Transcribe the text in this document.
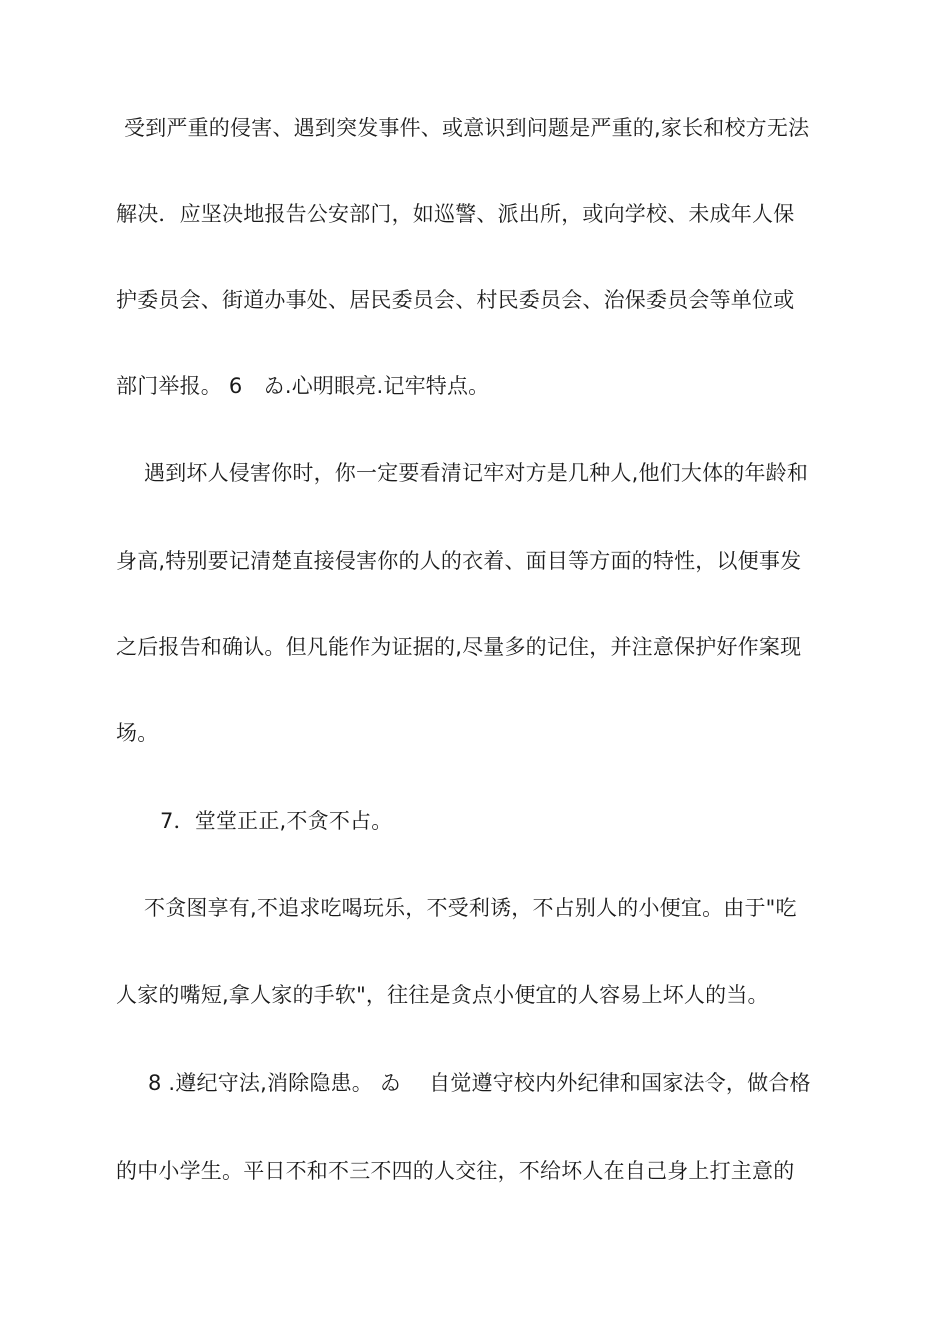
受到严重的侵害、遇到突发事件、或意识到问题是严重的,家长和校方无法
解决．应坚决地报告公安部门，如巡警、派出所，或向学校、未成年人保
护委员会、街道办事处、居民委员会、村民委员会、治保委员会等单位或
部门举报。 6　ゐ.心明眼亮.记牢特点。
遇到坏人侵害你时，你一定要看清记牢对方是几种人,他们大体的年龄和
身高,特别要记清楚直接侵害你的人的衣着、面目等方面的特性，以便事发
之后报告和确认。但凡能作为证据的,尽量多的记住，并注意保护好作案现
场。
7．堂堂正正,不贪不占。
不贪图享有,不追求吃喝玩乐，不受利诱，不占别人的小便宜。由于"吃
人家的嘴短,拿人家的手软"，往往是贪点小便宜的人容易上坏人的当。
8 .遵纪守法,消除隐患。 ゐ　 自觉遵守校内外纪律和国家法令，做合格
的中小学生。平日不和不三不四的人交往，不给坏人在自己身上打主意的
